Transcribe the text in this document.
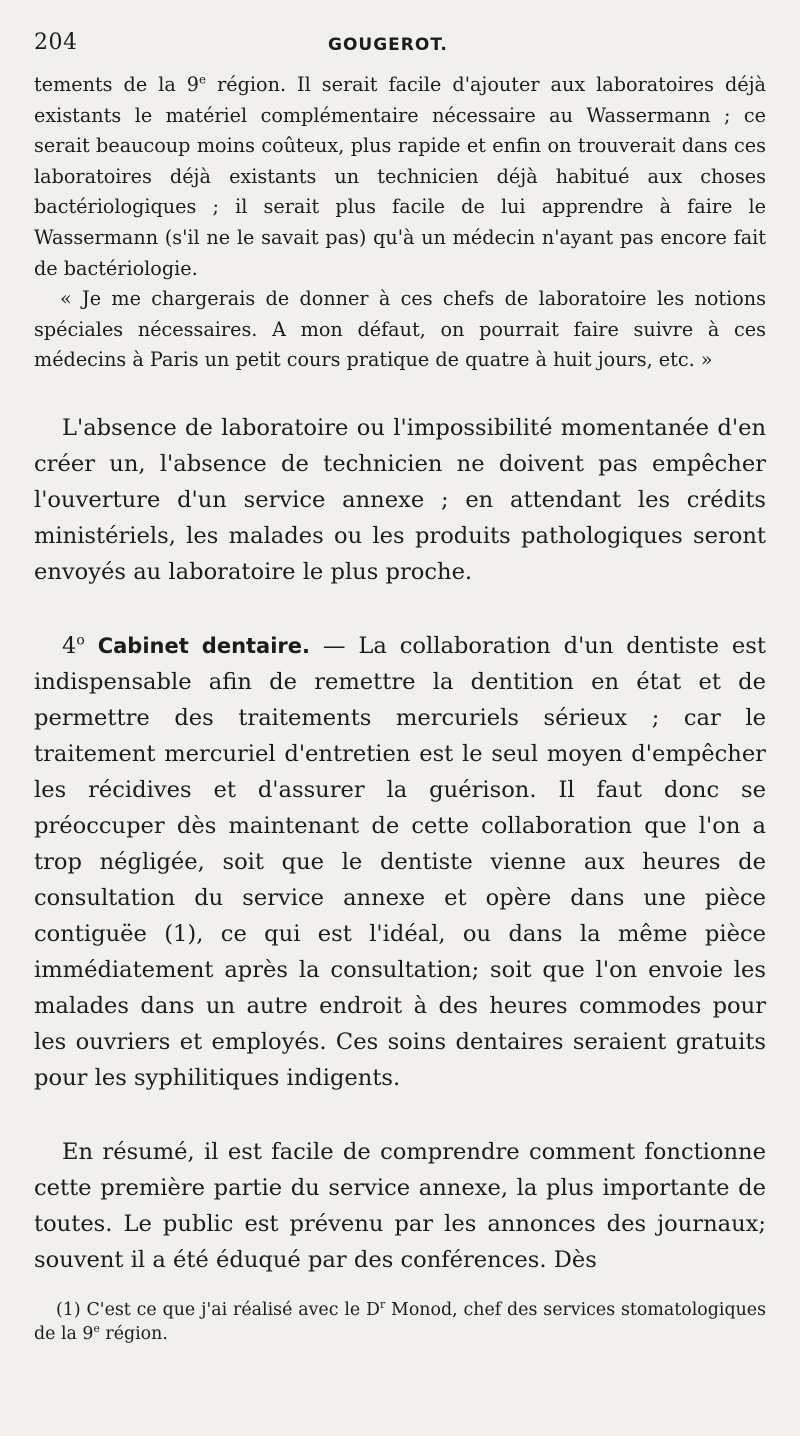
204	GOUGEROT.

tements de la 9e région. Il serait facile d'ajouter aux laboratoires déjà existants le matériel complémentaire nécessaire au Wassermann ; ce serait beaucoup moins coûteux, plus rapide et enfin on trouverait dans ces laboratoires déjà existants un technicien déjà habitué aux choses bactériologiques ; il serait plus facile de lui apprendre à faire le Wassermann (s'il ne le savait pas) qu'à un médecin n'ayant pas encore fait de bactériologie.

« Je me chargerais de donner à ces chefs de laboratoire les notions spéciales nécessaires. A mon défaut, on pourrait faire suivre à ces médecins à Paris un petit cours pratique de quatre à huit jours, etc. »

L'absence de laboratoire ou l'impossibilité momentanée d'en créer un, l'absence de technicien ne doivent pas empêcher l'ouverture d'un service annexe ; en attendant les crédits ministériels, les malades ou les produits pathologiques seront envoyés au laboratoire le plus proche.

4$^o$ Cabinet dentaire. — La collaboration d'un dentiste est indispensable afin de remettre la dentition en état et de permettre des traitements mercuriels sérieux ; car le traitement mercuriel d'entretien est le seul moyen d'empêcher les récidives et d'assurer la guérison. Il faut donc se préoccuper dès maintenant de cette collaboration que l'on a trop négligée, soit que le dentiste vienne aux heures de consultation du service annexe et opère dans une pièce contiguëe (1), ce qui est l'idéal, ou dans la même pièce immédiatement après la consultation; soit que l'on envoie les malades dans un autre endroit à des heures commodes pour les ouvriers et employés. Ces soins dentaires seraient gratuits pour les syphilitiques indigents.

En résumé, il est facile de comprendre comment fonctionne cette première partie du service annexe, la plus importante de toutes. Le public est prévenu par les annonces des journaux; souvent il a été éduqué par des conférences. Dès

(1) C'est ce que j'ai réalisé avec le $D^r$ Monod, chef des services stomatologiques de la 9e région.
